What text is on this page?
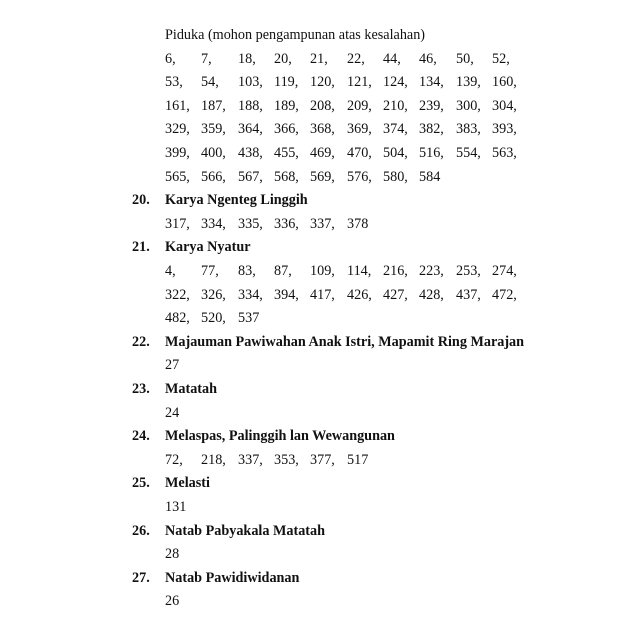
Piduka (mohon pengampunan atas kesalahan)
6, 7, 18, 20, 21, 22, 44, 46, 50, 52,
53, 54, 103, 119, 120, 121, 124, 134, 139, 160,
161, 187, 188, 189, 208, 209, 210, 239, 300, 304,
329, 359, 364, 366, 368, 369, 374, 382, 383, 393,
399, 400, 438, 455, 469, 470, 504, 516, 554, 563,
565, 566, 567, 568, 569, 576, 580, 584
20.	Karya Ngenteg Linggih
317, 334, 335, 336, 337, 378
21.	Karya Nyatur
4, 77, 83, 87, 109, 114, 216, 223, 253, 274,
322, 326, 334, 394, 417, 426, 427, 428, 437, 472,
482, 520, 537
22.	Majauman Pawiwahan Anak Istri, Mapamit Ring Marajan
27
23.	Matatah
24
24.	Melaspas, Palinggih lan Wewangunan
72, 218, 337, 353, 377, 517
25.	Melasti
131
26.	Natab Pabyakala Matatah
28
27.	Natab Pawidiwidanan
26
